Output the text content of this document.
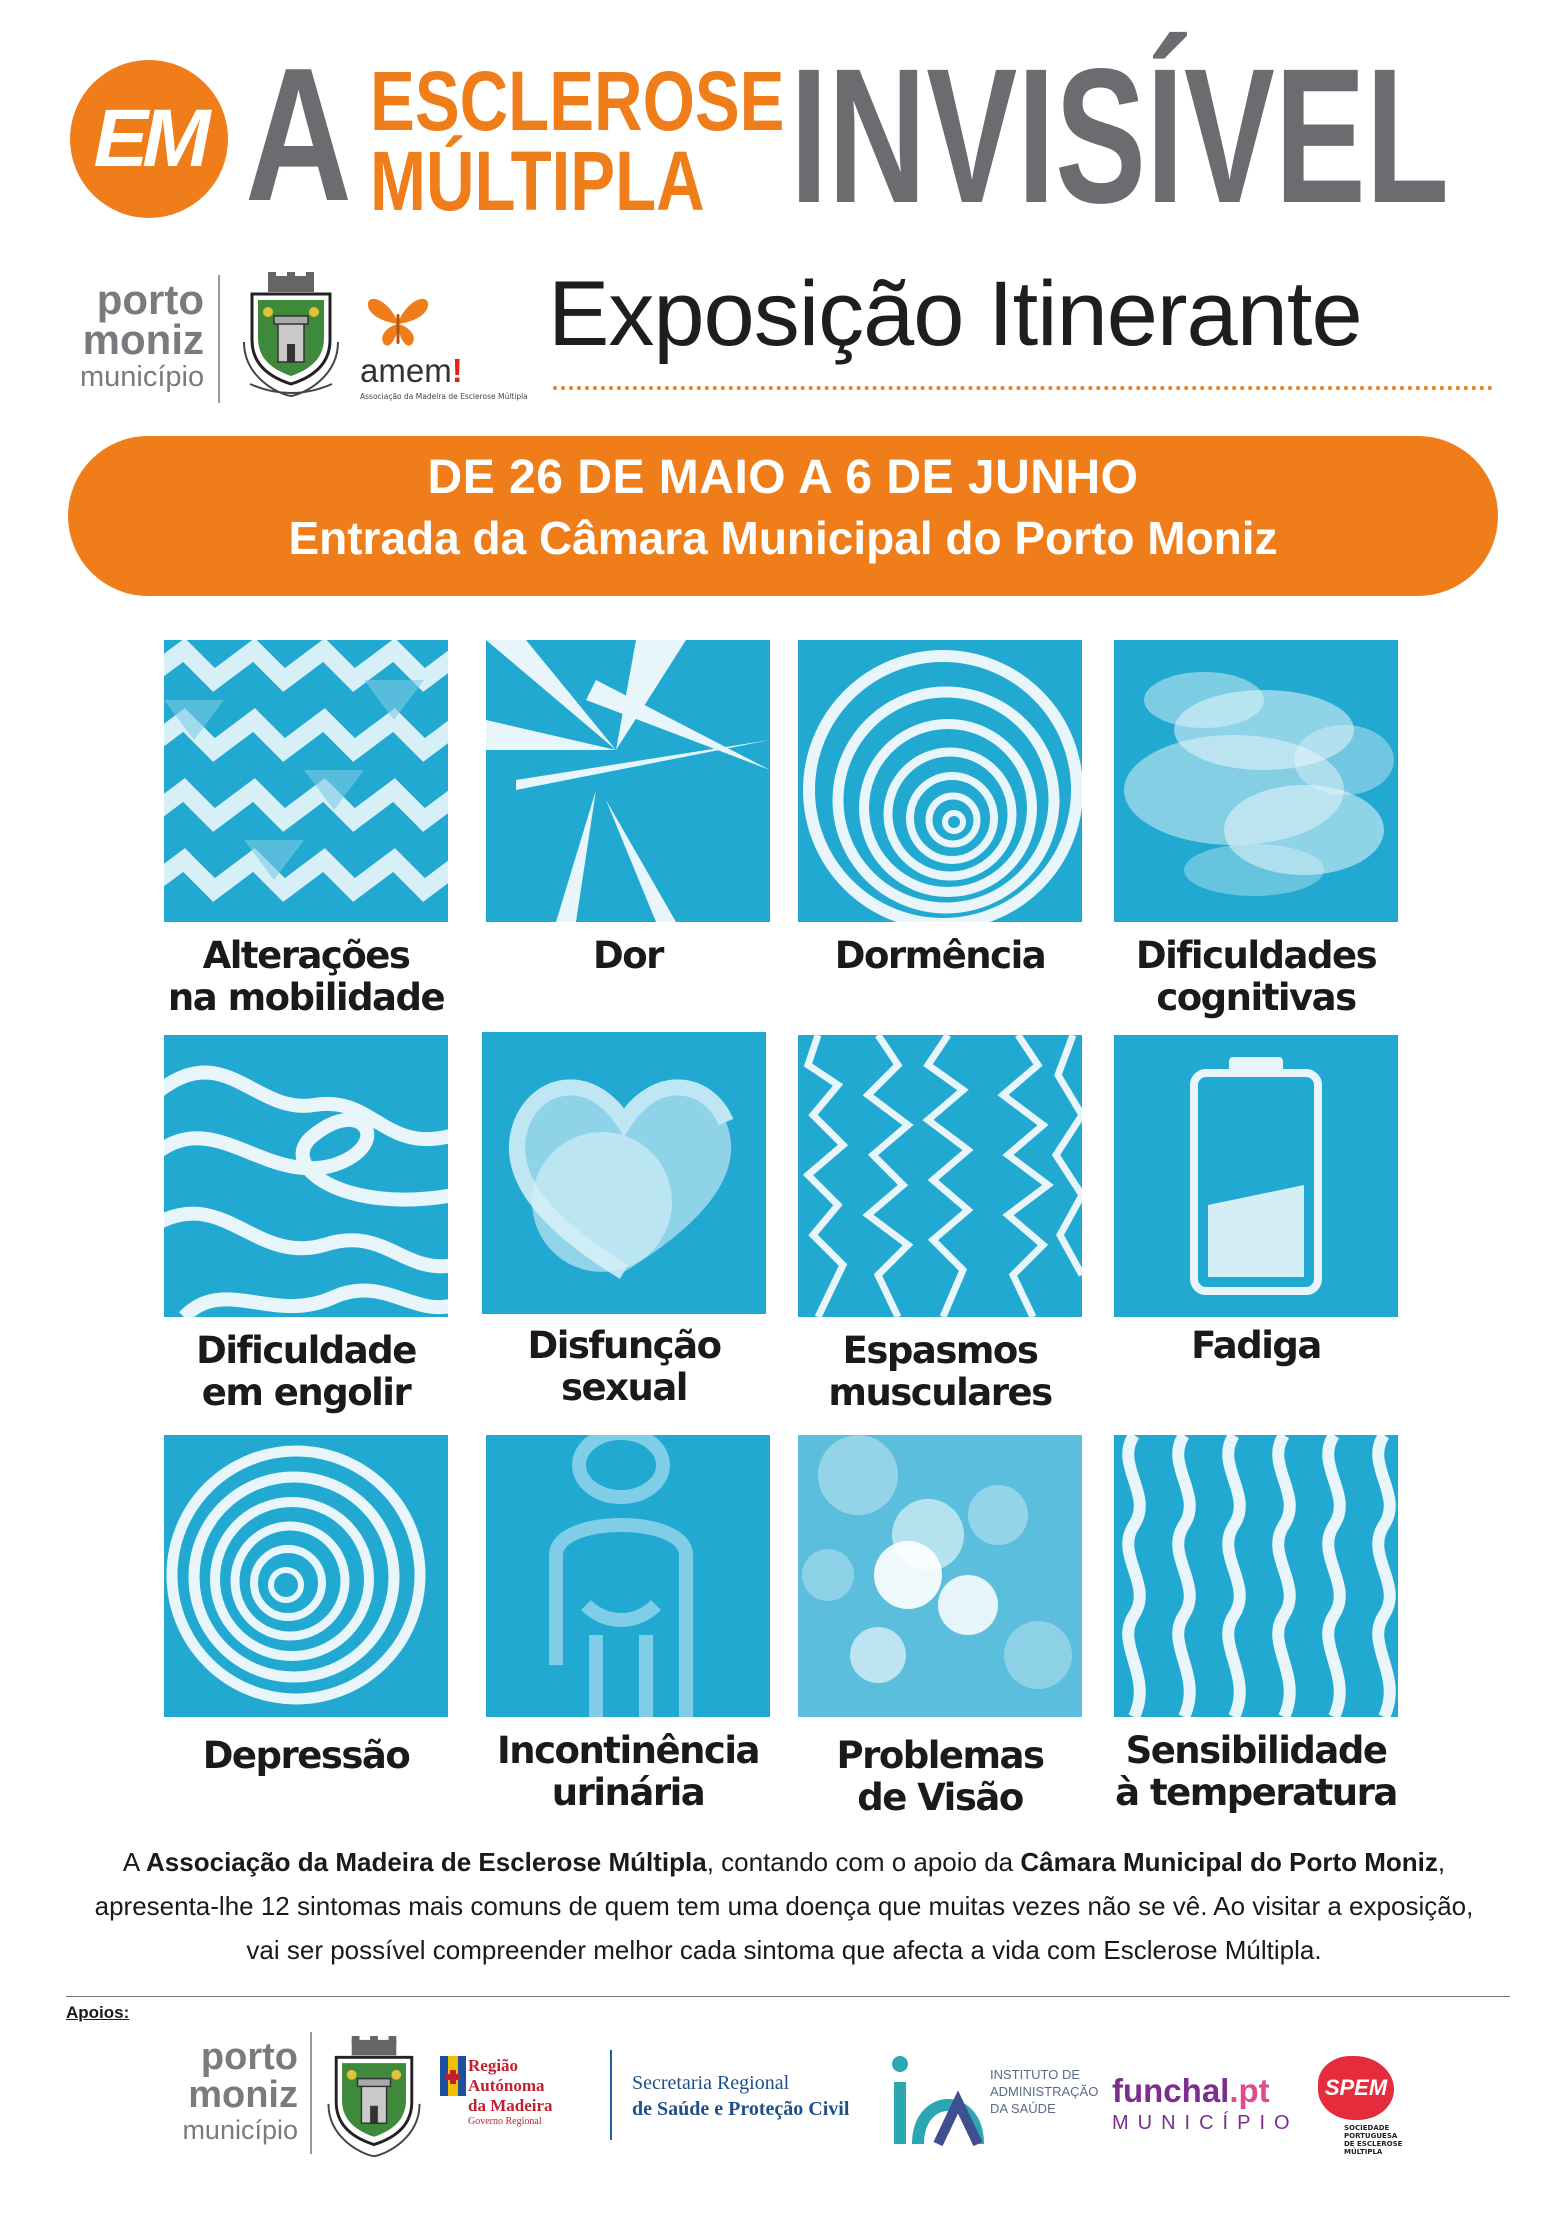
EM A ESCLEROSE
MÚLTIPLA INVISÍVEL
porto
moniz
município	amem!
Associação da Madeira de Esclerose Múltipla
Exposição Itinerante
DE 26 DE MAIO A 6 DE JUNHO
Entrada da Câmara Municipal do Porto Moniz
Alterações
na mobilidade
Dor	Dormência	Dificuldades
cognitivas
Dificuldade
em engolir
Disfunção
sexual
Espasmos
musculares
Fadiga
Depressão	Incontinência
urinária
Problemas
de Visão
Sensibilidade
à temperatura
A Associação da Madeira de Esclerose Múltipla, contando com o apoio da Câmara Municipal do Porto Moniz,
apresenta-lhe 12 sintomas mais comuns de quem tem uma doença que muitas vezes não se vê. Ao visitar a exposição,
vai ser possível compreender melhor cada sintoma que afecta a vida com Esclerose Múltipla.
Apoios:
porto
moniz
município
Região Autónoma
da Madeira
Governo Regional
Secretaria Regional
de Saúde e Proteção Civil
INSTITUTO DE
ADMINISTRAÇÃO
DA SAÚDE	funchal.pt
MUNICÍPIO
SPEM
SOCIEDADE
PORTUGUESA
DE ESCLEROSE
MÚLTIPLA
